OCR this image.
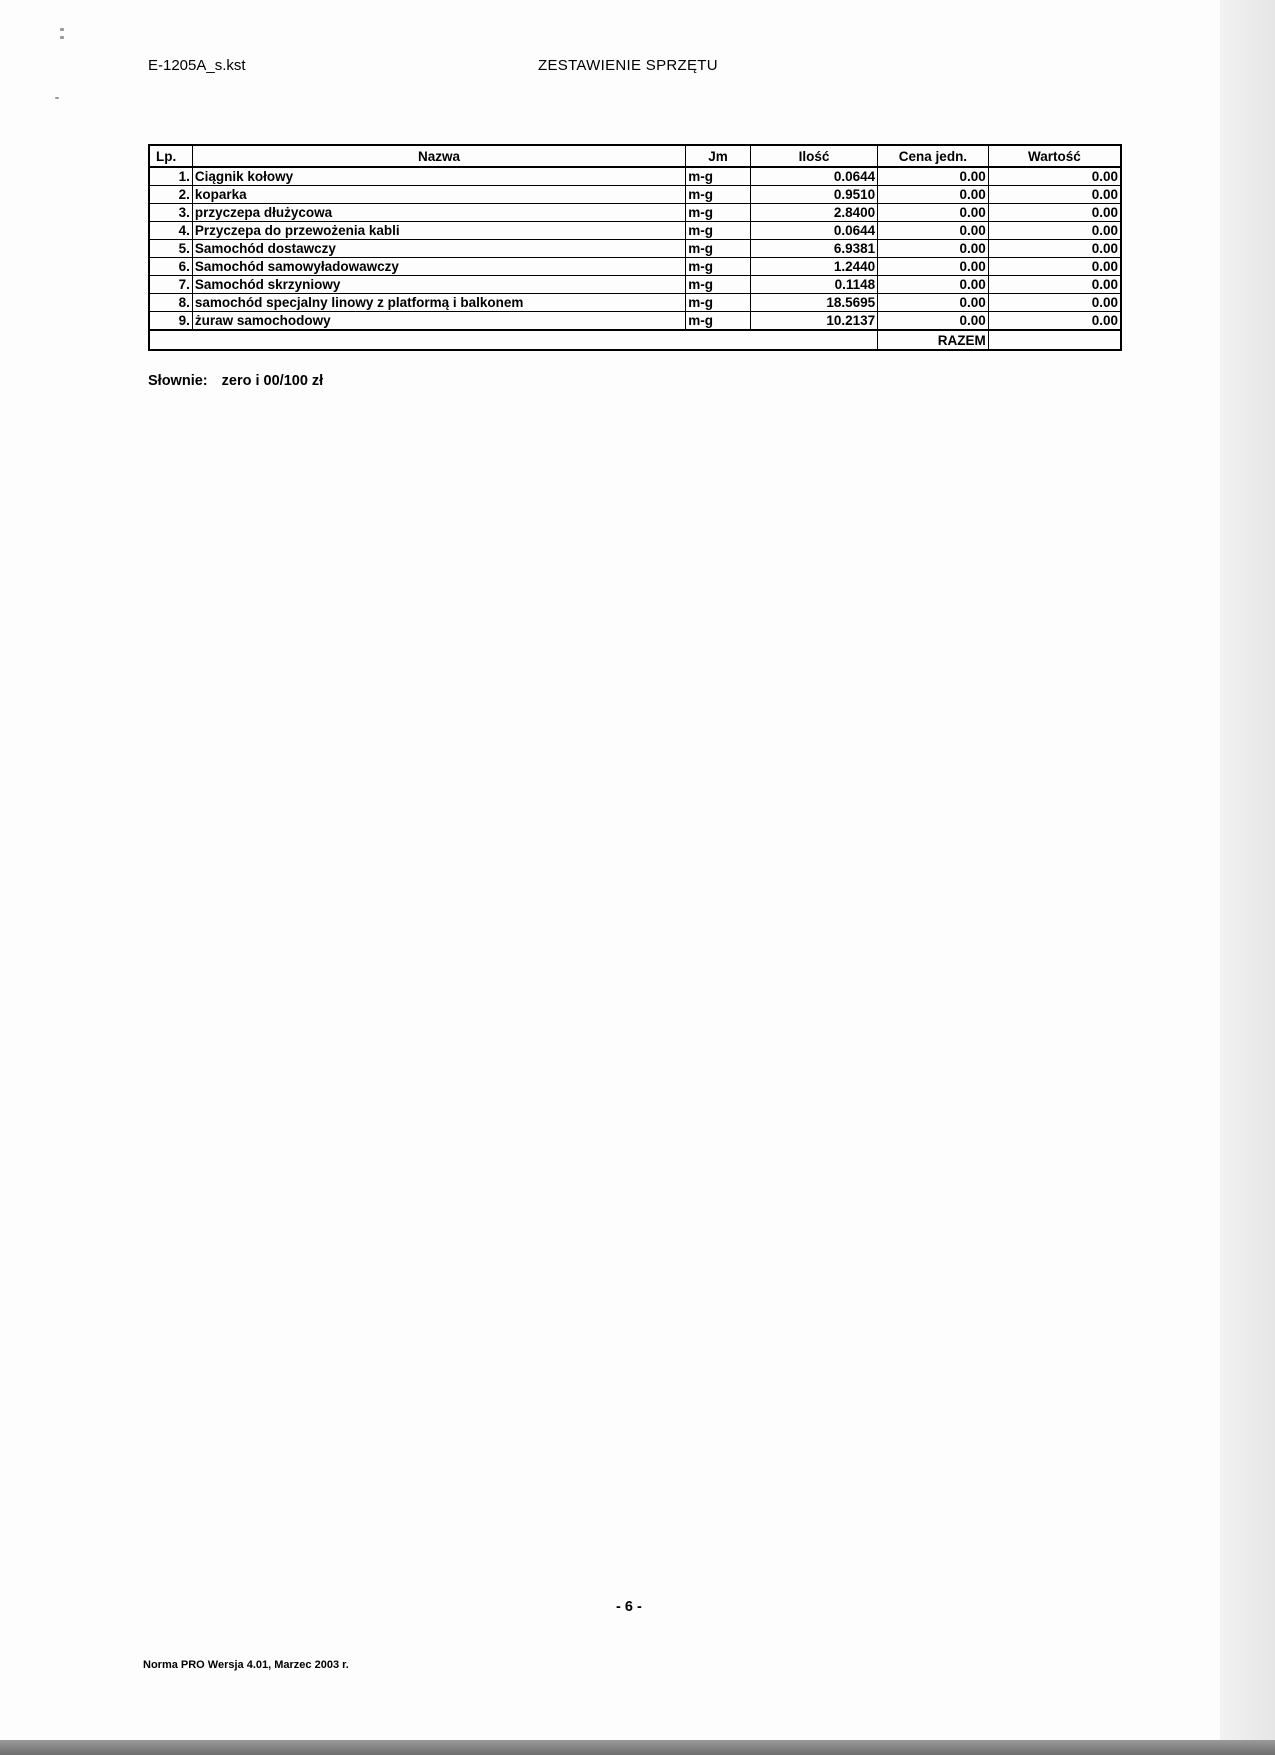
E-1205A_s.kst	ZESTAWIENIE SPRZĘTU
Lp.	Nazwa	Jm	Ilość	Cena jedn.	Wartość
1.	Ciągnik kołowy	m-g	0.0644	0.00	0.00
2.	koparka	m-g	0.9510	0.00	0.00
3.	przyczepa dłużycowa	m-g	2.8400	0.00	0.00
4.	Przyczepa do przewożenia kabli	m-g	0.0644	0.00	0.00
5.	Samochód dostawczy	m-g	6.9381	0.00	0.00
6.	Samochód samowyładowawczy	m-g	1.2440	0.00	0.00
7.	Samochód skrzyniowy	m-g	0.1148	0.00	0.00
8.	samochód specjalny linowy z platformą i balkonem	m-g	18.5695	0.00	0.00
9.	żuraw samochodowy	m-g	10.2137	0.00	0.00
				RAZEM	
Słownie: zero i 00/100 zł
- 6 -
Norma PRO Wersja 4.01, Marzec 2003 r.
